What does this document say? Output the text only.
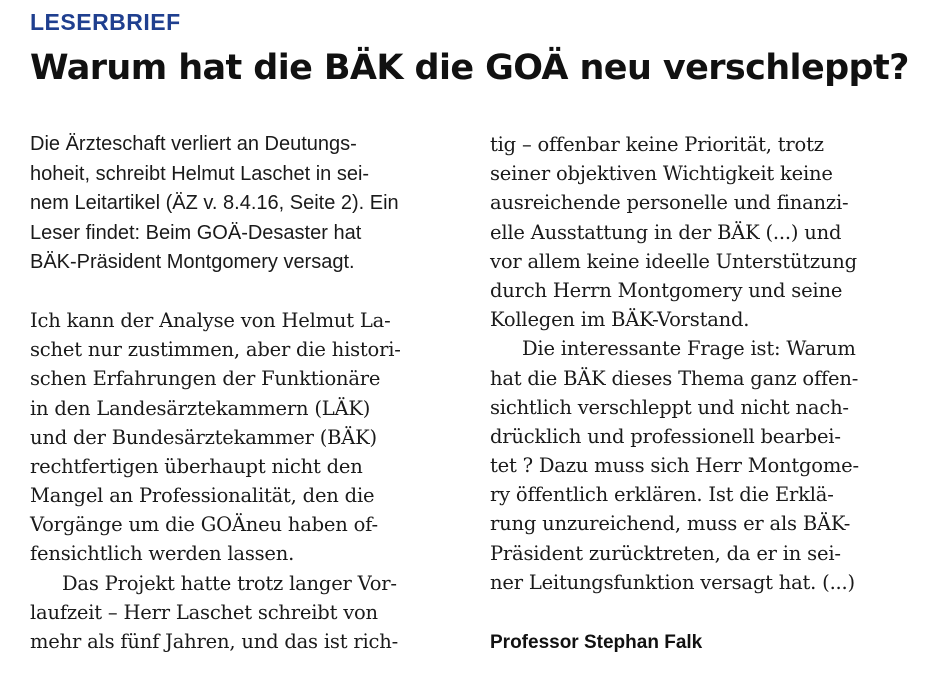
LESERBRIEF
Warum hat die BÄK die GOÄ neu verschleppt?
Die Ärzteschaft verliert an Deutungs-
hoheit, schreibt Helmut Laschet in sei-
nem Leitartikel (ÄZ v. 8.4.16, Seite 2). Ein
Leser findet: Beim GOÄ-Desaster hat
BÄK-Präsident Montgomery versagt.
Ich kann der Analyse von Helmut La-
schet nur zustimmen, aber die histori-
schen Erfahrungen der Funktionäre
in den Landesärztekammern (LÄK)
und der Bundesärztekammer (BÄK)
rechtfertigen überhaupt nicht den
Mangel an Professionalität, den die
Vorgänge um die GOÄneu haben of-
fensichtlich werden lassen.
Das Projekt hatte trotz langer Vor-
laufzeit – Herr Laschet schreibt von
mehr als fünf Jahren, und das ist rich-
tig – offenbar keine Priorität, trotz
seiner objektiven Wichtigkeit keine
ausreichende personelle und finanzi-
elle Ausstattung in der BÄK (...) und
vor allem keine ideelle Unterstützung
durch Herrn Montgomery und seine
Kollegen im BÄK-Vorstand.
Die interessante Frage ist: Warum
hat die BÄK dieses Thema ganz offen-
sichtlich verschleppt und nicht nach-
drücklich und professionell bearbei-
tet ? Dazu muss sich Herr Montgome-
ry öffentlich erklären. Ist die Erklä-
rung unzureichend, muss er als BÄK-
Präsident zurücktreten, da er in sei-
ner Leitungsfunktion versagt hat. (...)
Professor Stephan Falk
